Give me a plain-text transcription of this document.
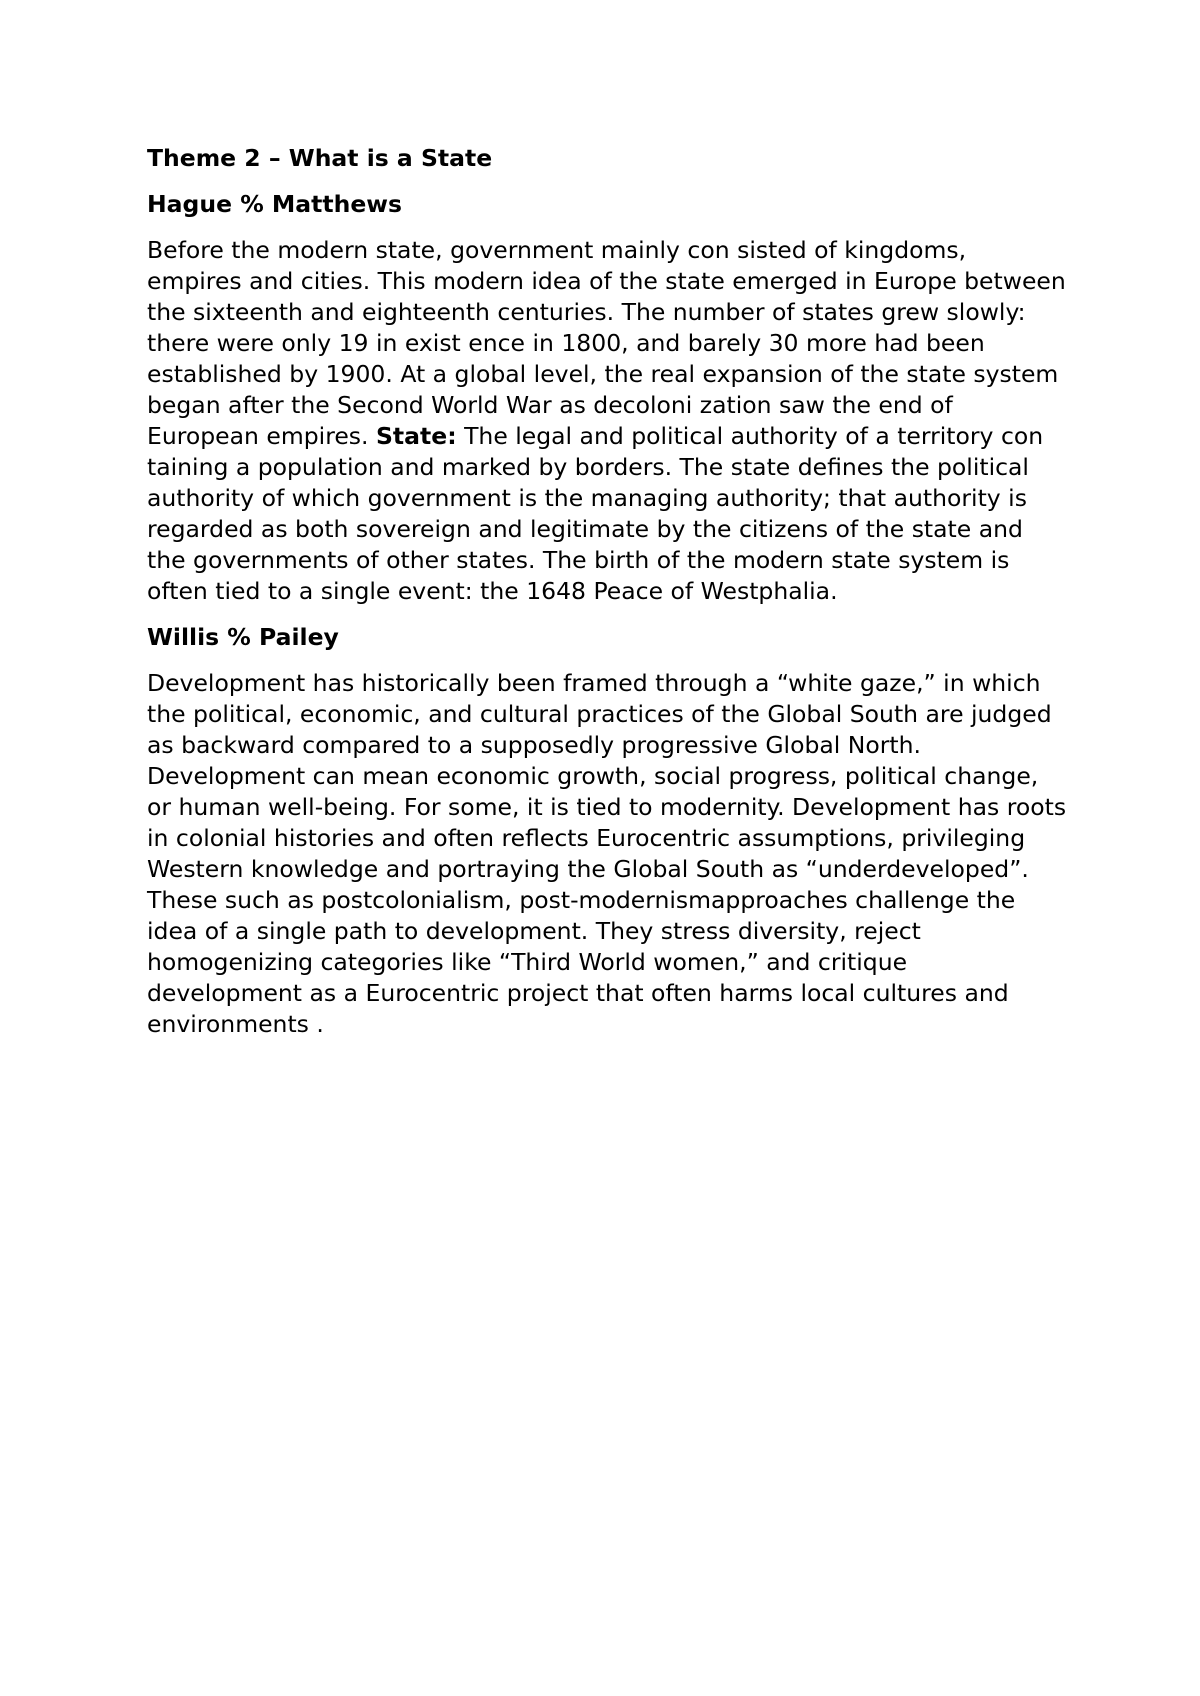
Theme 2 – What is a State
Hague % Matthews
Before the modern state, government mainly con sisted of kingdoms, empires and cities. This modern idea of the state emerged in Europe between the sixteenth and eighteenth centuries. The number of states grew slowly: there were only 19 in exist ence in 1800, and barely 30 more had been established by 1900. At a global level, the real expansion of the state system began after the Second World War as decoloni zation saw the end of European empires. State: The legal and political authority of a territory con taining a population and marked by borders. The state defines the political authority of which government is the managing authority; that authority is regarded as both sovereign and legitimate by the citizens of the state and the governments of other states. The birth of the modern state system is often tied to a single event: the 1648 Peace of Westphalia.
Willis % Pailey
Development has historically been framed through a “white gaze,” in which the political, economic, and cultural practices of the Global South are judged as backward compared to a supposedly progressive Global North. Development can mean economic growth, social progress, political change, or human well-being. For some, it is tied to modernity. Development has roots in colonial histories and often reflects Eurocentric assumptions, privileging Western knowledge and portraying the Global South as “underdeveloped”. These such as postcolonialism, post-modernismapproaches challenge the idea of a single path to development. They stress diversity, reject homogenizing categories like “Third World women,” and critique development as a Eurocentric project that often harms local cultures and environments .
